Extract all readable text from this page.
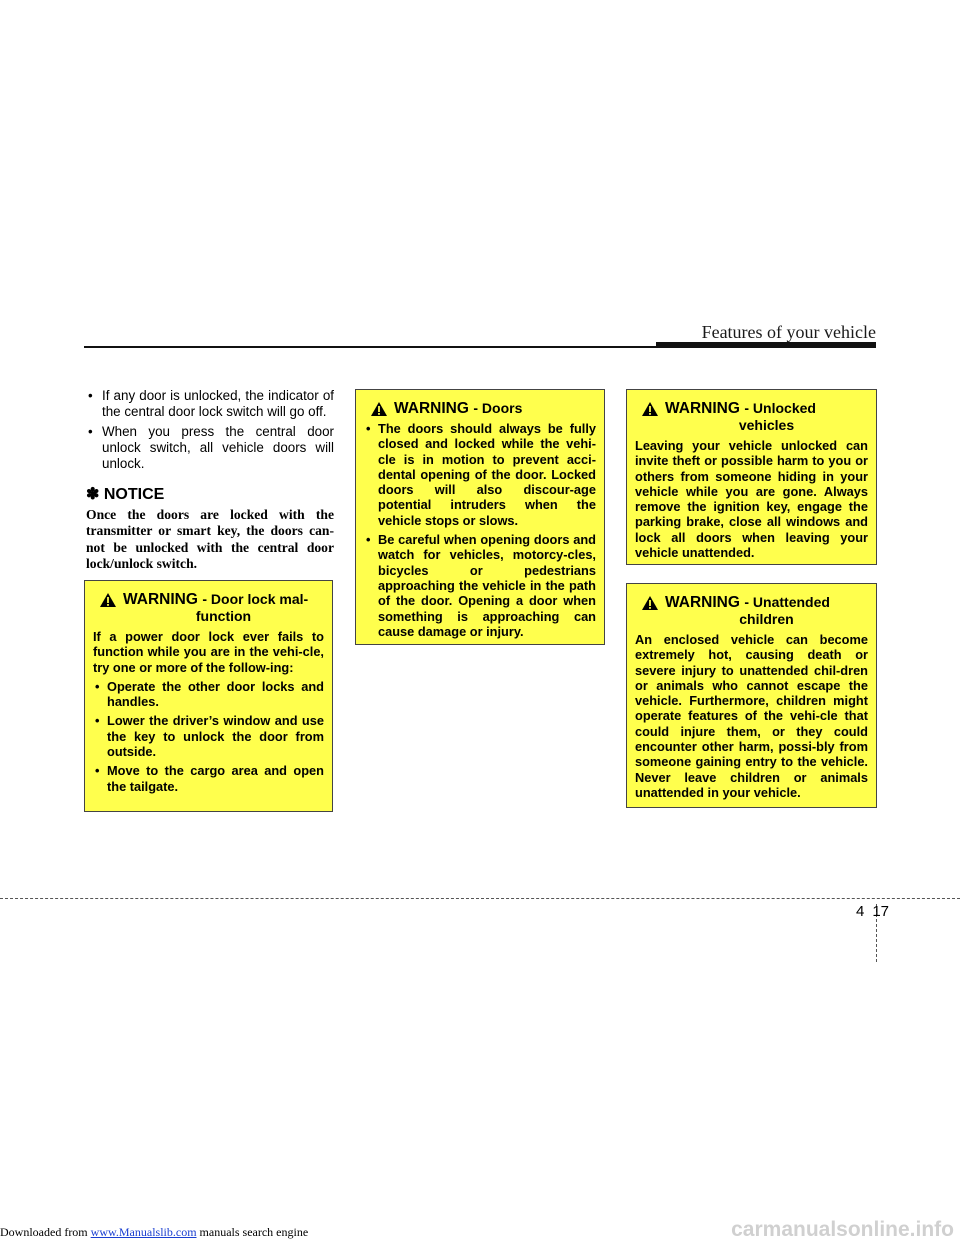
Features of your vehicle
• If any door is unlocked, the indicator of the central door lock switch will go off.
• When you press the central door unlock switch, all vehicle doors will unlock.
✽ NOTICE
Once the doors are locked with the transmitter or smart key, the doors can-not be unlocked with the central door lock/unlock switch.
WARNING - Door lock mal-
function
If a power door lock ever fails to function while you are in the vehi-cle, try one or more of the follow-ing:
• Operate the other door locks and handles.
• Lower the driver’s window and use the key to unlock the door from outside.
• Move to the cargo area and open the tailgate.
WARNING - Doors
• The doors should always be fully closed and locked while the vehi-cle is in motion to prevent acci-dental opening of the door. Locked doors will also discour-age potential intruders when the vehicle stops or slows.
• Be careful when opening doors and watch for vehicles, motorcy-cles, bicycles or pedestrians approaching the vehicle in the path of the door. Opening a door when something is approaching can cause damage or injury.
WARNING - Unlocked
vehicles
Leaving your vehicle unlocked can invite theft or possible harm to you or others from someone hiding in your vehicle while you are gone. Always remove the ignition key, engage the parking brake, close all windows and lock all doors when leaving your vehicle unattended.
WARNING - Unattended
children
An enclosed vehicle can become extremely hot, causing death or severe injury to unattended chil-dren or animals who cannot escape the vehicle. Furthermore, children might operate features of the vehi-cle that could injure them, or they could encounter other harm, possi-bly from someone gaining entry to the vehicle. Never leave children or animals unattended in your vehicle.
4 17
Downloaded from www.Manualslib.com manuals search engine	carmanualsonline.info
